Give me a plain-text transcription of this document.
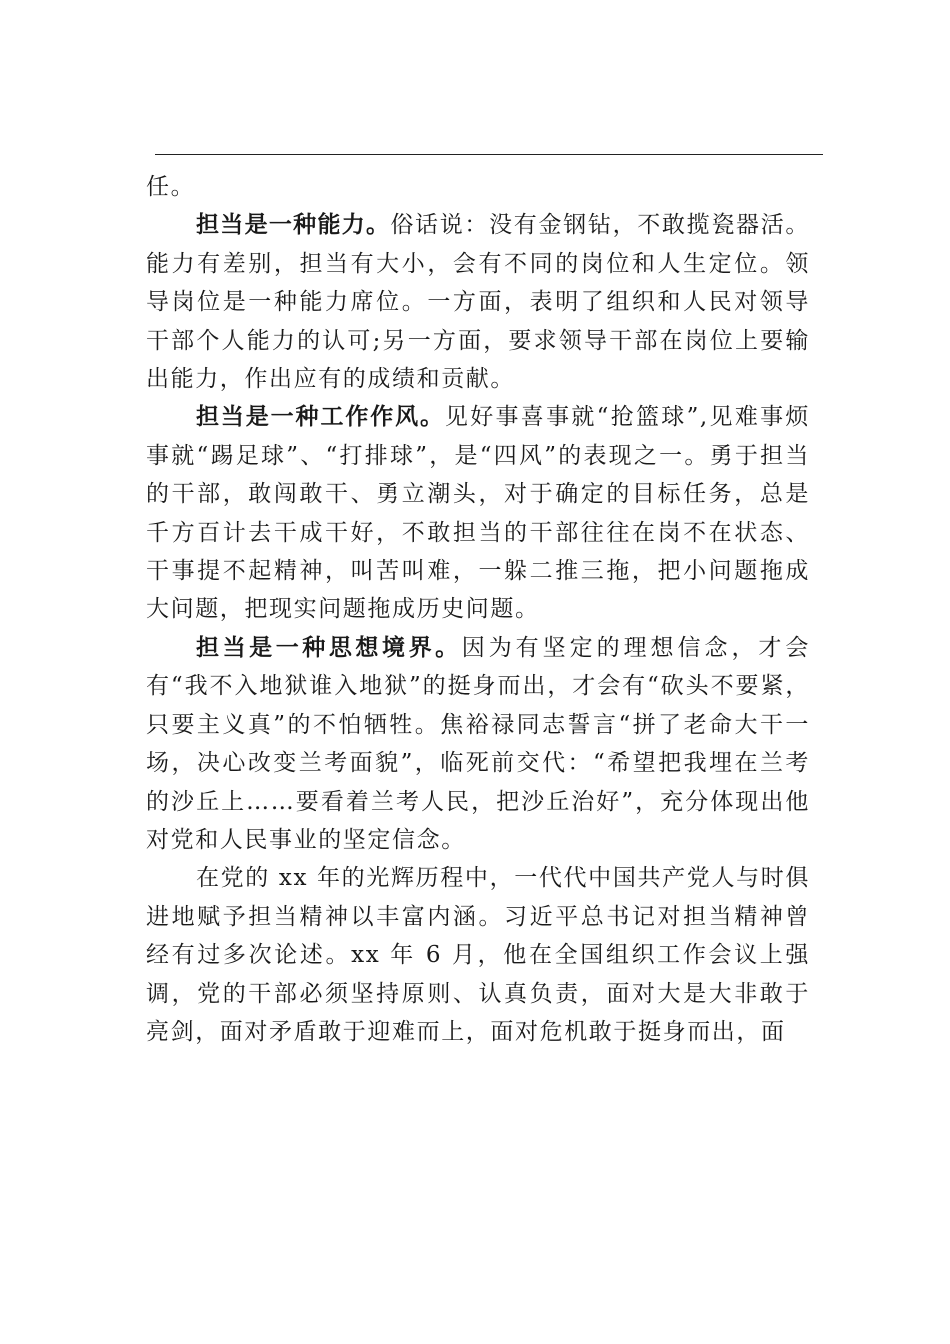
任。

担当是一种能力。俗话说：没有金钢钻，不敢揽瓷器活。能力有差别，担当有大小，会有不同的岗位和人生定位。领导岗位是一种能力席位。一方面，表明了组织和人民对领导干部个人能力的认可;另一方面，要求领导干部在岗位上要输出能力，作出应有的成绩和贡献。

担当是一种工作作风。见好事喜事就“抢篮球”,见难事烦事就“踢足球”、“打排球”，是“四风”的表现之一。勇于担当的干部，敢闯敢干、勇立潮头，对于确定的目标任务，总是千方百计去干成干好，不敢担当的干部往往在岗不在状态、干事提不起精神，叫苦叫难，一躲二推三拖，把小问题拖成大问题，把现实问题拖成历史问题。

担当是一种思想境界。因为有坚定的理想信念，才会有“我不入地狱谁入地狱”的挺身而出，才会有“砍头不要紧，只要主义真”的不怕牺牲。焦裕禄同志誓言“拼了老命大干一场，决心改变兰考面貌”，临死前交代：“希望把我埋在兰考的沙丘上……要看着兰考人民，把沙丘治好”，充分体现出他对党和人民事业的坚定信念。

在党的 xx 年的光辉历程中，一代代中国共产党人与时俱进地赋予担当精神以丰富内涵。习近平总书记对担当精神曾经有过多次论述。xx 年 6 月，他在全国组织工作会议上强调，党的干部必须坚持原则、认真负责，面对大是大非敢于亮剑，面对矛盾敢于迎难而上，面对危机敢于挺身而出，面
